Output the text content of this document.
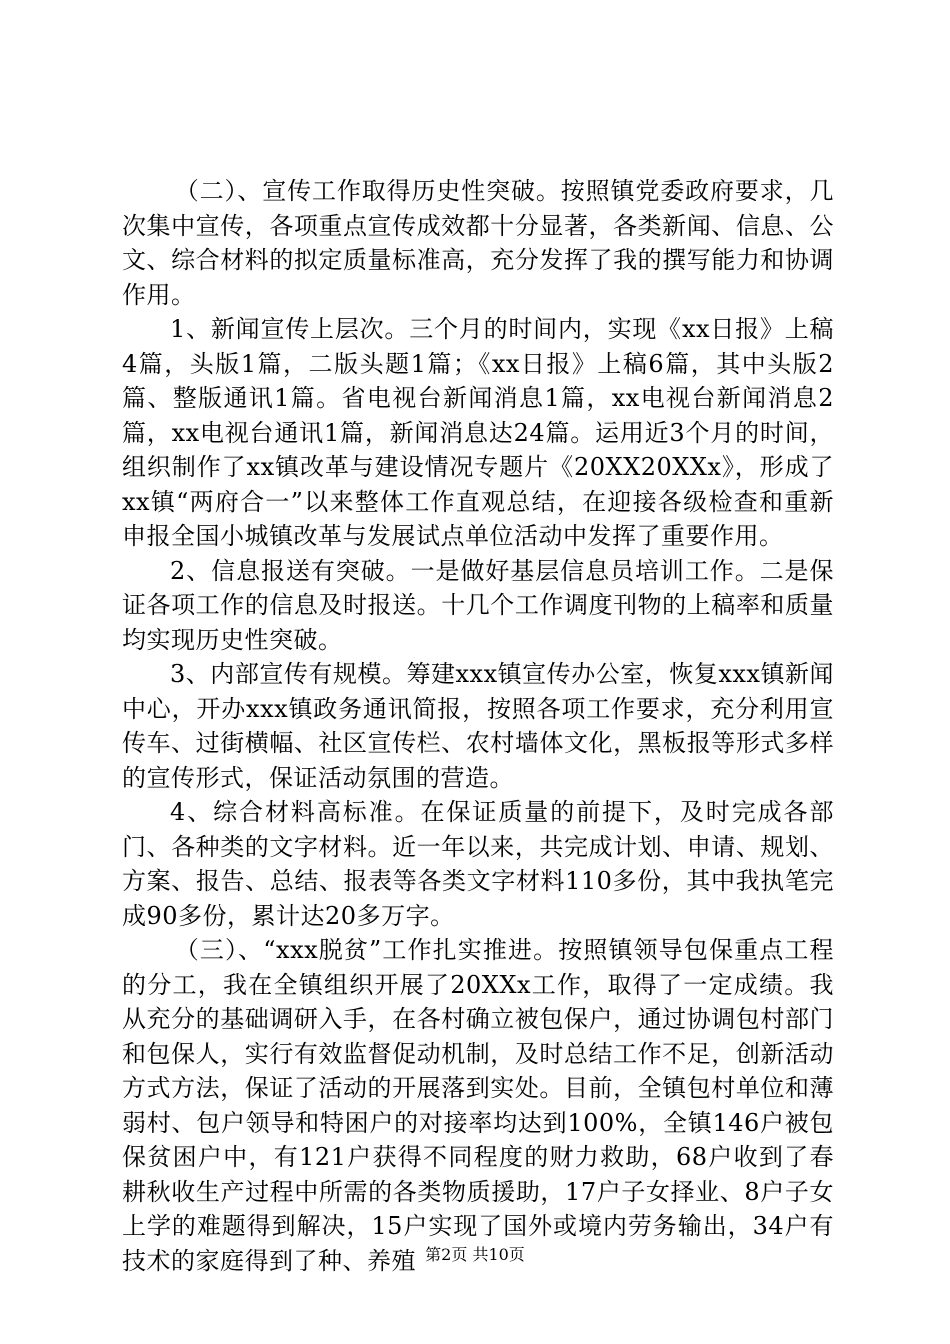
（二）、宣传工作取得历史性突破。按照镇党委政府要求，几次集中宣传，各项重点宣传成效都十分显著，各类新闻、信息、公文、综合材料的拟定质量标准高，充分发挥了我的撰写能力和协调作用。

1、新闻宣传上层次。三个月的时间内，实现《xx日报》上稿4篇，头版1篇，二版头题1篇；《xx日报》上稿6篇，其中头版2篇、整版通讯1篇。省电视台新闻消息1篇，xx电视台新闻消息2篇，xx电视台通讯1篇，新闻消息达24篇。运用近3个月的时间，组织制作了xx镇改革与建设情况专题片《20XX20XXx》，形成了xx镇“两府合一”以来整体工作直观总结，在迎接各级检查和重新申报全国小城镇改革与发展试点单位活动中发挥了重要作用。

2、信息报送有突破。一是做好基层信息员培训工作。二是保证各项工作的信息及时报送。十几个工作调度刊物的上稿率和质量均实现历史性突破。

3、内部宣传有规模。筹建xxx镇宣传办公室，恢复xxx镇新闻中心，开办xxx镇政务通讯简报，按照各项工作要求，充分利用宣传车、过街横幅、社区宣传栏、农村墙体文化，黑板报等形式多样的宣传形式，保证活动氛围的营造。

4、综合材料高标准。在保证质量的前提下，及时完成各部门、各种类的文字材料。近一年以来，共完成计划、申请、规划、方案、报告、总结、报表等各类文字材料110多份，其中我执笔完成90多份，累计达20多万字。

（三）、“xxx脱贫”工作扎实推进。按照镇领导包保重点工程的分工，我在全镇组织开展了20XXx工作，取得了一定成绩。我从充分的基础调研入手，在各村确立被包保户，通过协调包村部门和包保人，实行有效监督促动机制，及时总结工作不足，创新活动方式方法，保证了活动的开展落到实处。目前，全镇包村单位和薄弱村、包户领导和特困户的对接率均达到100%，全镇146户被包保贫困户中，有121户获得不同程度的财力救助，68户收到了春耕秋收生产过程中所需的各类物质援助，17户子女择业、8户子女上学的难题得到解决，15户实现了国外或境内劳务输出，34户有技术的家庭得到了种、养殖 第2页 共10页
